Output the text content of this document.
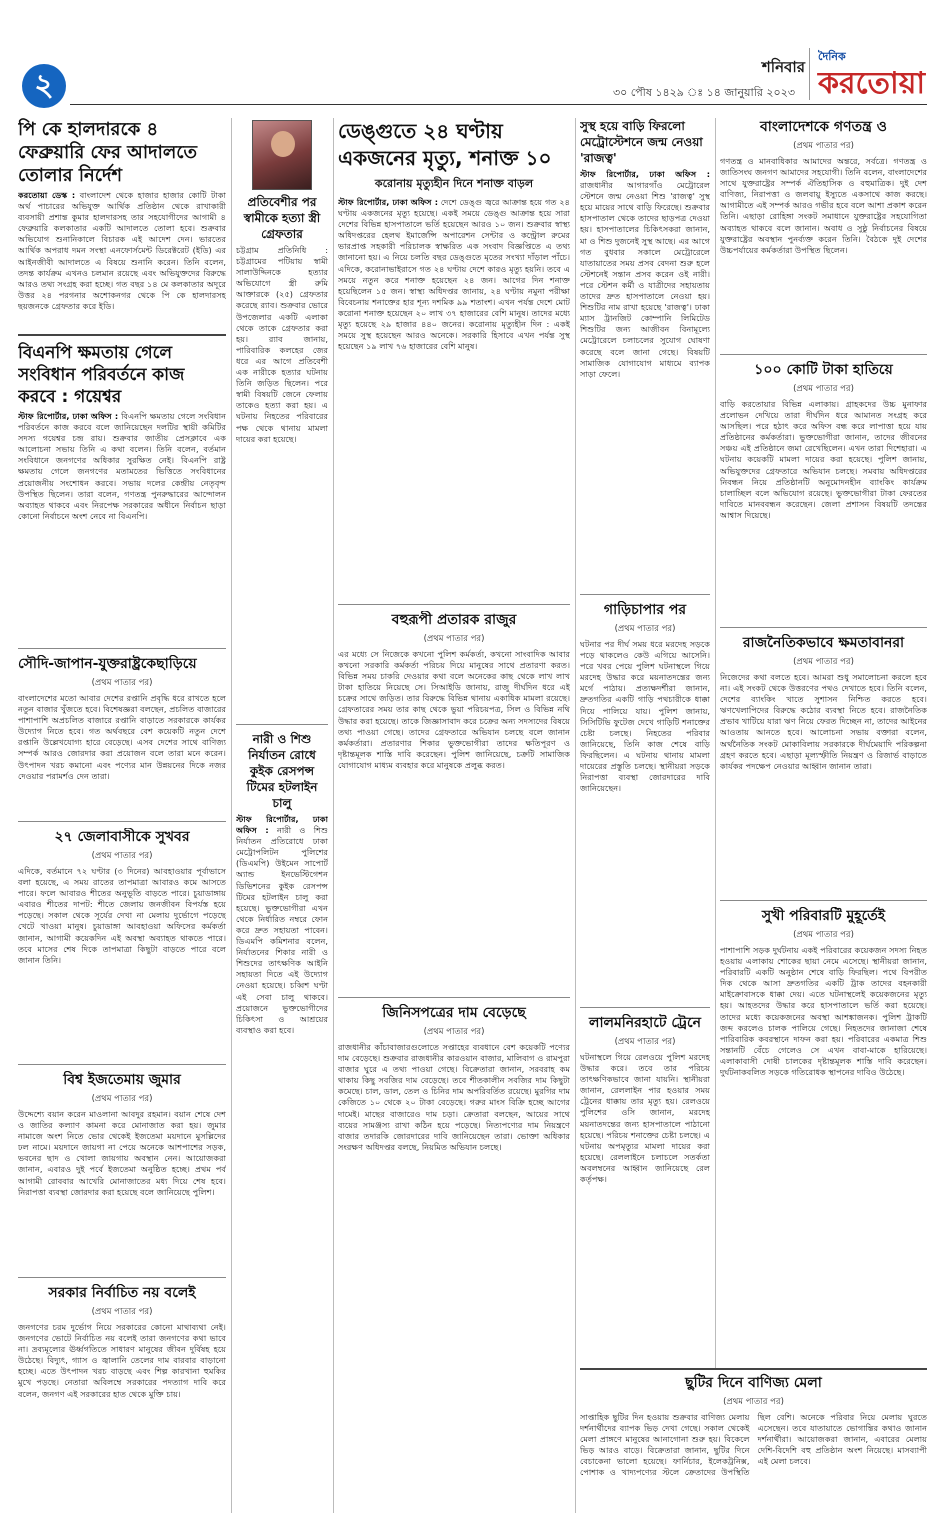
২
শনিবার
৩০ পৌষ ১৪২৯ ঃ ১৪ জানুয়ারি ২০২৩
দৈনিক
করতোয়া
পি কে হালদারকে ৪ ফেব্রুয়ারি ফের আদালতে তোলার নির্দেশ
করতোয়া ডেস্ক : বাংলাদেশ থেকে হাজার হাজার কোটি টাকা অর্থ পাচারের অভিযুক্ত আর্থিক প্রতিষ্ঠান থেকে রাখাকারী ব্যবসায়ী প্রশান্ত কুমার হালদারসহ তার সহযোগীদের আগামী ৪ ফেব্রুয়ারি কলকাতার একটি আদালতে তোলা হবে। শুক্রবার অভিযোগ শুনানিকালে বিচারক এই আদেশ দেন। ভারতের আর্থিক অপরাধ দমন সংস্থা এনফোর্সমেন্ট ডিরেক্টরেট (ইডি) এর আইনজীবী আদালতে এ বিষয়ে শুনানি করেন। তিনি বলেন, তদন্ত কার্যক্রম এখনও চলমান রয়েছে এবং অভিযুক্তদের বিরুদ্ধে আরও তথ্য সংগ্রহ করা হচ্ছে। গত বছর ১৪ মে কলকাতার অদূরে উত্তর ২৪ পরগনার অশোকনগর থেকে পি কে হালদারসহ ছয়জনকে গ্রেফতার করে ইডি।
বিএনপি ক্ষমতায় গেলে সংবিধান পরিবর্তনে কাজ করবে : গয়েশ্বর
স্টাফ রিপোর্টার, ঢাকা অফিস : বিএনপি ক্ষমতায় গেলে সংবিধান পরিবর্তনে কাজ করবে বলে জানিয়েছেন দলটির স্থায়ী কমিটির সদস্য গয়েশ্বর চন্দ্র রায়। শুক্রবার জাতীয় প্রেসক্লাবে এক আলোচনা সভায় তিনি এ কথা বলেন। তিনি বলেন, বর্তমান সংবিধানে জনগণের অধিকার সুরক্ষিত নেই। বিএনপি রাষ্ট্র ক্ষমতায় গেলে জনগণের মতামতের ভিত্তিতে সংবিধানের প্রয়োজনীয় সংশোধন করবে। সভায় দলের কেন্দ্রীয় নেতৃবৃন্দ উপস্থিত ছিলেন। তারা বলেন, গণতন্ত্র পুনরুদ্ধারের আন্দোলন অব্যাহত থাকবে এবং নিরপেক্ষ সরকারের অধীনে নির্বাচন ছাড়া কোনো নির্বাচনে অংশ নেবে না বিএনপি।
সৌদি-জাপান-যুক্তরাষ্ট্রকেছাড়িয়ে
(প্রথম পাতার পর)
বাংলাদেশের মতো আবার দেশের রপ্তানি প্রবৃদ্ধি ধরে রাখতে হলে নতুন বাজার খুঁজতে হবে। বিশেষজ্ঞরা বলছেন, প্রচলিত বাজারের পাশাপাশি অপ্রচলিত বাজারে রপ্তানি বাড়াতে সরকারকে কার্যকর উদ্যোগ নিতে হবে। গত অর্থবছরে বেশ কয়েকটি নতুন দেশে রপ্তানি উল্লেখযোগ্য হারে বেড়েছে। এসব দেশের সাথে বাণিজ্য সম্পর্ক আরও জোরদার করা প্রয়োজন বলে তারা মনে করেন। উৎপাদন খরচ কমানো এবং পণ্যের মান উন্নয়নের দিকে নজর দেওয়ার পরামর্শও দেন তারা।
২৭ জেলাবাসীকে সুখবর
(প্রথম পাতার পর)
এদিকে, বর্তমানে ৭২ ঘণ্টার (৩ দিনের) আবহাওয়ার পূর্বাভাসে বলা হয়েছে, এ সময় রাতের তাপমাত্রা আবারও কমে আসতে পারে। ফলে আবারও শীতের অনুভূতি বাড়তে পারে। চুয়াডাঙ্গায় এবারও শীতের দাপট: শীতে জেলায় জনজীবন বিপর্যস্ত হয়ে পড়েছে। সকাল থেকে সূর্যের দেখা না মেলায় দুর্ভোগে পড়েছে খেটে খাওয়া মানুষ। চুয়াডাঙ্গা আবহাওয়া অফিসের কর্মকর্তা জানান, আগামী কয়েকদিন এই অবস্থা অব্যাহত থাকতে পারে। তবে মাসের শেষ দিকে তাপমাত্রা কিছুটা বাড়তে পারে বলে জানান তিনি।
বিশ্ব ইজতেমায় জুমার
(প্রথম পাতার পর)
উদ্দেশ্যে বয়ান করেন মাওলানা আবদুর রহমান। বয়ান শেষে দেশ ও জাতির কল্যাণ কামনা করে মোনাজাত করা হয়। জুমার নামাজে অংশ নিতে ভোর থেকেই ইজতেমা ময়দানে মুসল্লিদের ঢল নামে। ময়দানে জায়গা না পেয়ে অনেকে আশপাশের সড়ক, ভবনের ছাদ ও খোলা জায়গায় অবস্থান নেন। আয়োজকরা জানান, এবারও দুই পর্বে ইজতেমা অনুষ্ঠিত হচ্ছে। প্রথম পর্ব আগামী রোববার আখেরি মোনাজাতের মধ্য দিয়ে শেষ হবে। নিরাপত্তা ব্যবস্থা জোরদার করা হয়েছে বলে জানিয়েছে পুলিশ।
সরকার নির্বাচিত নয় বলেই
(প্রথম পাতার পর)
জনগণের চরম দুর্ভোগ নিয়ে সরকারের কোনো মাথাব্যথা নেই। জনগণের ভোটে নির্বাচিত নয় বলেই তারা জনগণের কথা ভাবে না। দ্রব্যমূল্যের ঊর্ধ্বগতিতে সাধারণ মানুষের জীবন দুর্বিষহ হয়ে উঠেছে। বিদ্যুৎ, গ্যাস ও জ্বালানি তেলের দাম বারবার বাড়ানো হচ্ছে। এতে উৎপাদন খরচ বাড়ছে এবং শিল্প কারখানা হুমকির মুখে পড়ছে। নেতারা অবিলম্বে সরকারের পদত্যাগ দাবি করে বলেন, জনগণ এই সরকারের হাত থেকে মুক্তি চায়।
প্রতিবেশীর পর স্বামীকে হত্যা স্ত্রী গ্রেফতার
চট্টগ্রাম প্রতিনিধি : চট্টগ্রামের পটিয়ায় স্বামী সালাউদ্দিনকে হত্যার অভিযোগে স্ত্রী রুমি আক্তারকে (২৫) গ্রেফতার করেছে র‌্যাব। শুক্রবার ভোরে উপজেলার একটি এলাকা থেকে তাকে গ্রেফতার করা হয়। র‌্যাব জানায়, পারিবারিক কলহের জের ধরে এর আগে প্রতিবেশী এক নারীকে হত্যার ঘটনায় তিনি জড়িত ছিলেন। পরে স্বামী বিষয়টি জেনে ফেলায় তাকেও হত্যা করা হয়। এ ঘটনায় নিহতের পরিবারের পক্ষ থেকে থানায় মামলা দায়ের করা হয়েছে।
নারী ও শিশু নির্যাতন রোধে কুইক রেসপন্স টিমের হটলাইন চালু
স্টাফ রিপোর্টার, ঢাকা অফিস : নারী ও শিশু নির্যাতন প্রতিরোধে ঢাকা মেট্রোপলিটন পুলিশের (ডিএমপি) উইমেন সাপোর্ট অ্যান্ড ইনভেস্টিগেশন ডিভিশনের কুইক রেসপন্স টিমের হটলাইন চালু করা হয়েছে। ভুক্তভোগীরা এখন থেকে নির্ধারিত নম্বরে ফোন করে দ্রুত সহায়তা পাবেন। ডিএমপি কমিশনার বলেন, নির্যাতনের শিকার নারী ও শিশুদের তাৎক্ষণিক আইনি সহায়তা দিতে এই উদ্যোগ নেওয়া হয়েছে। চব্বিশ ঘণ্টা এই সেবা চালু থাকবে। প্রয়োজনে ভুক্তভোগীদের চিকিৎসা ও আশ্রয়ের ব্যবস্থাও করা হবে।
ডেঙ্গুতে ২৪ ঘণ্টায় একজনের মৃত্যু, শনাক্ত ১০
করোনায় মৃত্যুহীন দিনে শনাক্ত বাড়ল
স্টাফ রিপোর্টার, ঢাকা অফিস : দেশে ডেঙ্গু জ্বরে আক্রান্ত হয়ে গত ২৪ ঘণ্টায় একজনের মৃত্যু হয়েছে। একই সময়ে ডেঙ্গু আক্রান্ত হয়ে সারা দেশের বিভিন্ন হাসপাতালে ভর্তি হয়েছেন আরও ১০ জন। শুক্রবার স্বাস্থ্য অধিদপ্তরের হেলথ ইমার্জেন্সি অপারেশন সেন্টার ও কন্ট্রোল রুমের ভারপ্রাপ্ত সহকারী পরিচালক স্বাক্ষরিত এক সংবাদ বিজ্ঞপ্তিতে এ তথ্য জানানো হয়। এ নিয়ে চলতি বছর ডেঙ্গুতে মৃতের সংখ্যা দাঁড়াল পাঁচে। এদিকে, করোনাভাইরাসে গত ২৪ ঘণ্টায় দেশে কারও মৃত্যু হয়নি। তবে এ সময়ে নতুন করে শনাক্ত হয়েছেন ২৪ জন। আগের দিন শনাক্ত হয়েছিলেন ১৫ জন। স্বাস্থ্য অধিদপ্তর জানায়, ২৪ ঘণ্টায় নমুনা পরীক্ষা বিবেচনায় শনাক্তের হার শূন্য দশমিক ৯৯ শতাংশ। এখন পর্যন্ত দেশে মোট করোনা শনাক্ত হয়েছেন ২০ লাখ ৩৭ হাজারের বেশি মানুষ। তাদের মধ্যে মৃত্যু হয়েছে ২৯ হাজার ৪৪০ জনের। করোনায় মৃত্যুহীন দিন : একই সময়ে সুস্থ হয়েছেন আরও অনেকে। সরকারি হিসাবে এখন পর্যন্ত সুস্থ হয়েছেন ১৯ লাখ ৭৬ হাজারের বেশি মানুষ।
বহুরূপী প্রতারক রাজুর
(প্রথম পাতার পর)
এর মধ্যে সে নিজেকে কখনো পুলিশ কর্মকর্তা, কখনো সাংবাদিক আবার কখনো সরকারি কর্মকর্তা পরিচয় দিয়ে মানুষের সাথে প্রতারণা করত। বিভিন্ন সময় চাকরি দেওয়ার কথা বলে অনেকের কাছ থেকে লাখ লাখ টাকা হাতিয়ে নিয়েছে সে। সিআইডি জানায়, রাজু দীর্ঘদিন ধরে এই চক্রের সাথে জড়িত। তার বিরুদ্ধে বিভিন্ন থানায় একাধিক মামলা রয়েছে। গ্রেফতারের সময় তার কাছ থেকে ভুয়া পরিচয়পত্র, সিল ও বিভিন্ন নথি উদ্ধার করা হয়েছে। তাকে জিজ্ঞাসাবাদ করে চক্রের অন্য সদস্যদের বিষয়ে তথ্য পাওয়া গেছে। তাদের গ্রেফতারে অভিযান চলছে বলে জানান কর্মকর্তারা। প্রতারণার শিকার ভুক্তভোগীরা তাদের ক্ষতিপূরণ ও দৃষ্টান্তমূলক শাস্তি দাবি করেছেন। পুলিশ জানিয়েছে, চক্রটি সামাজিক যোগাযোগ মাধ্যম ব্যবহার করে মানুষকে প্রলুব্ধ করত।
জিনিসপত্রের দাম বেড়েছে
(প্রথম পাতার পর)
রাজধানীর কাঁচাবাজারগুলোতে সপ্তাহের ব্যবধানে বেশ কয়েকটি পণ্যের দাম বেড়েছে। শুক্রবার রাজধানীর কারওয়ান বাজার, মালিবাগ ও রামপুরা বাজার ঘুরে এ তথ্য পাওয়া গেছে। বিক্রেতারা জানান, সরবরাহ কম থাকায় কিছু সবজির দাম বেড়েছে। তবে শীতকালীন সবজির দাম কিছুটা কমেছে। চাল, ডাল, তেল ও চিনির দাম অপরিবর্তিত রয়েছে। মুরগির দাম কেজিতে ১০ থেকে ২০ টাকা বেড়েছে। গরুর মাংস বিক্রি হচ্ছে আগের দামেই। মাছের বাজারেও দাম চড়া। ক্রেতারা বলছেন, আয়ের সাথে ব্যয়ের সামঞ্জস্য রাখা কঠিন হয়ে পড়েছে। নিত্যপণ্যের দাম নিয়ন্ত্রণে বাজার তদারকি জোরদারের দাবি জানিয়েছেন তারা। ভোক্তা অধিকার সংরক্ষণ অধিদপ্তর বলছে, নিয়মিত অভিযান চলছে।
সুস্থ হয়ে বাড়ি ফিরলো মেট্রোস্টেশনে জন্ম নেওয়া 'রাজত্ব'
স্টাফ রিপোর্টার, ঢাকা অফিস : রাজধানীর আগারগাঁও মেট্রোরেল স্টেশনে জন্ম নেওয়া শিশু 'রাজত্ব' সুস্থ হয়ে মায়ের সাথে বাড়ি ফিরেছে। শুক্রবার হাসপাতাল থেকে তাদের ছাড়পত্র দেওয়া হয়। হাসপাতালের চিকিৎসকরা জানান, মা ও শিশু দুজনেই সুস্থ আছে। এর আগে গত বুধবার সকালে মেট্রোরেলে যাতায়াতের সময় প্রসব বেদনা শুরু হলে স্টেশনেই সন্তান প্রসব করেন ওই নারী। পরে স্টেশন কর্মী ও যাত্রীদের সহায়তায় তাদের দ্রুত হাসপাতালে নেওয়া হয়। শিশুটির নাম রাখা হয়েছে 'রাজত্ব'। ঢাকা ম্যাস ট্রানজিট কোম্পানি লিমিটেড শিশুটির জন্য আজীবন বিনামূল্যে মেট্রোরেলে চলাচলের সুযোগ ঘোষণা করেছে বলে জানা গেছে। বিষয়টি সামাজিক যোগাযোগ মাধ্যমে ব্যাপক সাড়া ফেলে।
গাড়িচাপার পর
(প্রথম পাতার পর)
ঘটনার পর দীর্ঘ সময় ধরে মরদেহ সড়কে পড়ে থাকলেও কেউ এগিয়ে আসেনি। পরে খবর পেয়ে পুলিশ ঘটনাস্থলে গিয়ে মরদেহ উদ্ধার করে ময়নাতদন্তের জন্য মর্গে পাঠায়। প্রত্যক্ষদর্শীরা জানান, দ্রুতগতির একটি গাড়ি পথচারীকে ধাক্কা দিয়ে পালিয়ে যায়। পুলিশ জানায়, সিসিটিভি ফুটেজ দেখে গাড়িটি শনাক্তের চেষ্টা চলছে। নিহতের পরিবার জানিয়েছে, তিনি কাজ শেষে বাড়ি ফিরছিলেন। এ ঘটনায় থানায় মামলা দায়েরের প্রস্তুতি চলছে। স্থানীয়রা সড়কে নিরাপত্তা ব্যবস্থা জোরদারের দাবি জানিয়েছেন।
লালমনিরহাটে ট্রেনে
(প্রথম পাতার পর)
ঘটনাস্থলে গিয়ে রেলওয়ে পুলিশ মরদেহ উদ্ধার করে। তবে তার পরিচয় তাৎক্ষণিকভাবে জানা যায়নি। স্থানীয়রা জানান, রেললাইন পার হওয়ার সময় ট্রেনের ধাক্কায় তার মৃত্যু হয়। রেলওয়ে পুলিশের ওসি জানান, মরদেহ ময়নাতদন্তের জন্য হাসপাতালে পাঠানো হয়েছে। পরিচয় শনাক্তের চেষ্টা চলছে। এ ঘটনায় অপমৃত্যুর মামলা দায়ের করা হয়েছে। রেললাইনে চলাচলে সতর্কতা অবলম্বনের আহ্বান জানিয়েছে রেল কর্তৃপক্ষ।
বাংলাদেশকে গণতন্ত্র ও
(প্রথম পাতার পর)
গণতন্ত্র ও মানবাধিকার আমাদের অন্তরে, সর্বত্রে। গণতন্ত্র ও জাতিসংঘ জনগণ আমাদের সহযোগী। তিনি বলেন, বাংলাদেশের সাথে যুক্তরাষ্ট্রের সম্পর্ক ঐতিহাসিক ও বহুমাত্রিক। দুই দেশ বাণিজ্য, নিরাপত্তা ও জলবায়ু ইস্যুতে একসাথে কাজ করছে। আগামীতে এই সম্পর্ক আরও গভীর হবে বলে আশা প্রকাশ করেন তিনি। এছাড়া রোহিঙ্গা সংকট সমাধানে যুক্তরাষ্ট্রের সহযোগিতা অব্যাহত থাকবে বলে জানান। অবাধ ও সুষ্ঠু নির্বাচনের বিষয়ে যুক্তরাষ্ট্রের অবস্থান পুনর্ব্যক্ত করেন তিনি। বৈঠকে দুই দেশের উচ্চপর্যায়ের কর্মকর্তারা উপস্থিত ছিলেন।
১০০ কোটি টাকা হাতিয়ে
(প্রথম পাতার পর)
বাড়ি করতোয়ার বিভিন্ন এলাকায়। গ্রাহকদের উচ্চ মুনাফার প্রলোভন দেখিয়ে তারা দীর্ঘদিন ধরে আমানত সংগ্রহ করে আসছিল। পরে হঠাৎ করে অফিস বন্ধ করে লাপাত্তা হয়ে যায় প্রতিষ্ঠানের কর্মকর্তারা। ভুক্তভোগীরা জানান, তাদের জীবনের সঞ্চয় এই প্রতিষ্ঠানে জমা রেখেছিলেন। এখন তারা দিশেহারা। এ ঘটনায় কয়েকটি মামলা দায়ের করা হয়েছে। পুলিশ জানায়, অভিযুক্তদের গ্রেফতারে অভিযান চলছে। সমবায় অধিদপ্তরের নিবন্ধন নিয়ে প্রতিষ্ঠানটি অনুমোদনহীন ব্যাংকিং কার্যক্রম চালাচ্ছিল বলে অভিযোগ রয়েছে। ভুক্তভোগীরা টাকা ফেরতের দাবিতে মানববন্ধন করেছেন। জেলা প্রশাসন বিষয়টি তদন্তের আশ্বাস দিয়েছে।
রাজনৈতিকভাবে ক্ষমতাবানরা
(প্রথম পাতার পর)
নিজেদের কথা বলতে হবে। আমরা শুধু সমালোচনা করলে হবে না। এই সংকট থেকে উত্তরণের পথও দেখাতে হবে। তিনি বলেন, দেশের ব্যাংকিং খাতে সুশাসন নিশ্চিত করতে হবে। ঋণখেলাপিদের বিরুদ্ধে কঠোর ব্যবস্থা নিতে হবে। রাজনৈতিক প্রভাব খাটিয়ে যারা ঋণ নিয়ে ফেরত দিচ্ছেন না, তাদের আইনের আওতায় আনতে হবে। আলোচনা সভায় বক্তারা বলেন, অর্থনৈতিক সংকট মোকাবিলায় সরকারকে দীর্ঘমেয়াদি পরিকল্পনা গ্রহণ করতে হবে। এছাড়া মূল্যস্ফীতি নিয়ন্ত্রণ ও রিজার্ভ বাড়াতে কার্যকর পদক্ষেপ নেওয়ার আহ্বান জানান তারা।
সুখী পরিবারটি মুহূর্তেই
(প্রথম পাতার পর)
পাশাপাশি সড়ক দুর্ঘটনায় একই পরিবারের কয়েকজন সদস্য নিহত হওয়ায় এলাকায় শোকের ছায়া নেমে এসেছে। স্থানীয়রা জানান, পরিবারটি একটি অনুষ্ঠান শেষে বাড়ি ফিরছিল। পথে বিপরীত দিক থেকে আসা দ্রুতগতির একটি ট্রাক তাদের বহনকারী মাইক্রোবাসকে ধাক্কা দেয়। এতে ঘটনাস্থলেই কয়েকজনের মৃত্যু হয়। আহতদের উদ্ধার করে হাসপাতালে ভর্তি করা হয়েছে। তাদের মধ্যে কয়েকজনের অবস্থা আশঙ্কাজনক। পুলিশ ট্রাকটি জব্দ করলেও চালক পালিয়ে গেছে। নিহতদের জানাজা শেষে পারিবারিক কবরস্থানে দাফন করা হয়। পরিবারের একমাত্র শিশু সন্তানটি বেঁচে গেলেও সে এখন বাবা-মাকে হারিয়েছে। এলাকাবাসী দোষী চালকের দৃষ্টান্তমূলক শাস্তি দাবি করেছেন। দুর্ঘটনাকবলিত সড়কে গতিরোধক স্থাপনের দাবিও উঠেছে।
ছুটির দিনে বাণিজ্য মেলা
(প্রথম পাতার পর)
সাপ্তাহিক ছুটির দিন হওয়ায় শুক্রবার বাণিজ্য মেলায় দর্শনার্থীদের ব্যাপক ভিড় দেখা গেছে। সকাল থেকেই মেলা প্রাঙ্গণে মানুষের আনাগোনা শুরু হয়। বিকেলে ভিড় আরও বাড়ে। বিক্রেতারা জানান, ছুটির দিনে বেচাকেনা ভালো হয়েছে। ফার্নিচার, ইলেকট্রনিক্স, পোশাক ও খাদ্যপণ্যের স্টলে ক্রেতাদের উপস্থিতি ছিল বেশি। অনেকে পরিবার নিয়ে মেলায় ঘুরতে এসেছেন। তবে যাতায়াতে ভোগান্তির কথাও জানান দর্শনার্থীরা। আয়োজকরা জানান, এবারের মেলায় দেশি-বিদেশি বহু প্রতিষ্ঠান অংশ নিয়েছে। মাসব্যাপী এই মেলা চলবে।
